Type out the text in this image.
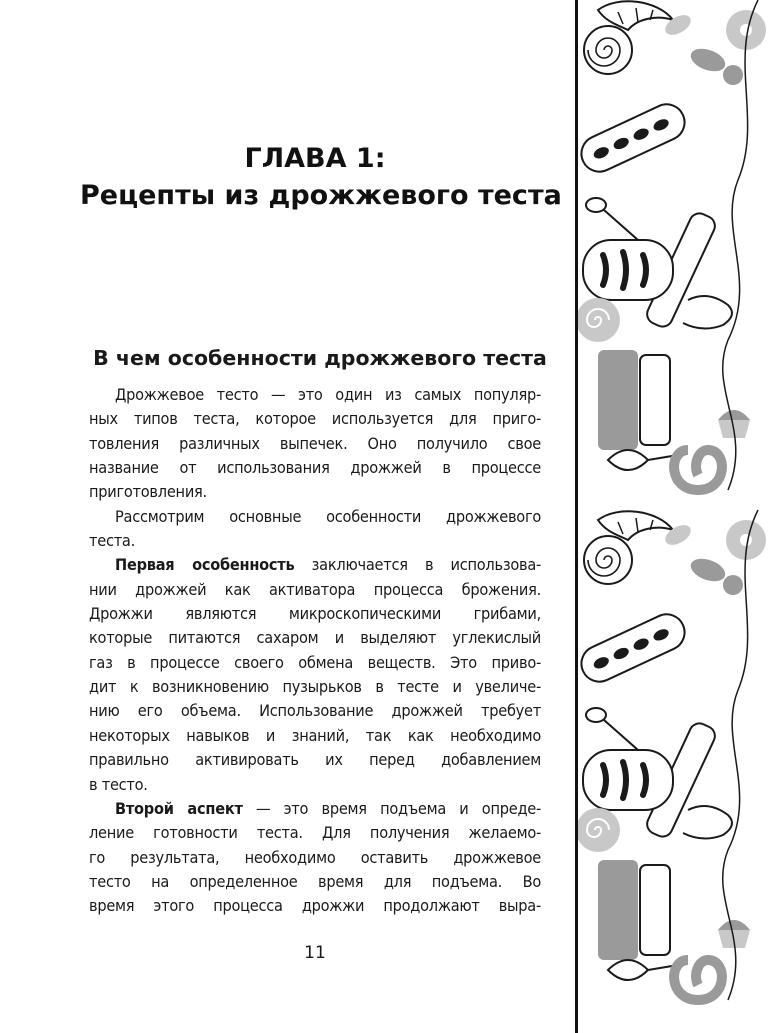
ГЛАВА 1:
Рецепты из дрожжевого теста
В чем особенности дрожжевого теста
Дрожжевое тесто — это один из самых популяр-
ных типов теста, которое используется для приго-
товления различных выпечек. Оно получило свое
название от использования дрожжей в процессе
приготовления.
Рассмотрим основные особенности дрожжевого
теста.
Первая особенность заключается в использова-
нии дрожжей как активатора процесса брожения.
Дрожжи являются микроскопическими грибами,
которые питаются сахаром и выделяют углекислый
газ в процессе своего обмена веществ. Это приво-
дит к возникновению пузырьков в тесте и увеличе-
нию его объема. Использование дрожжей требует
некоторых навыков и знаний, так как необходимо
правильно активировать их перед добавлением
в тесто.
Второй аспект — это время подъема и опреде-
ление готовности теста. Для получения желаемо-
го результата, необходимо оставить дрожжевое
тесто на определенное время для подъема. Во
время этого процесса дрожжи продолжают выра-
11
